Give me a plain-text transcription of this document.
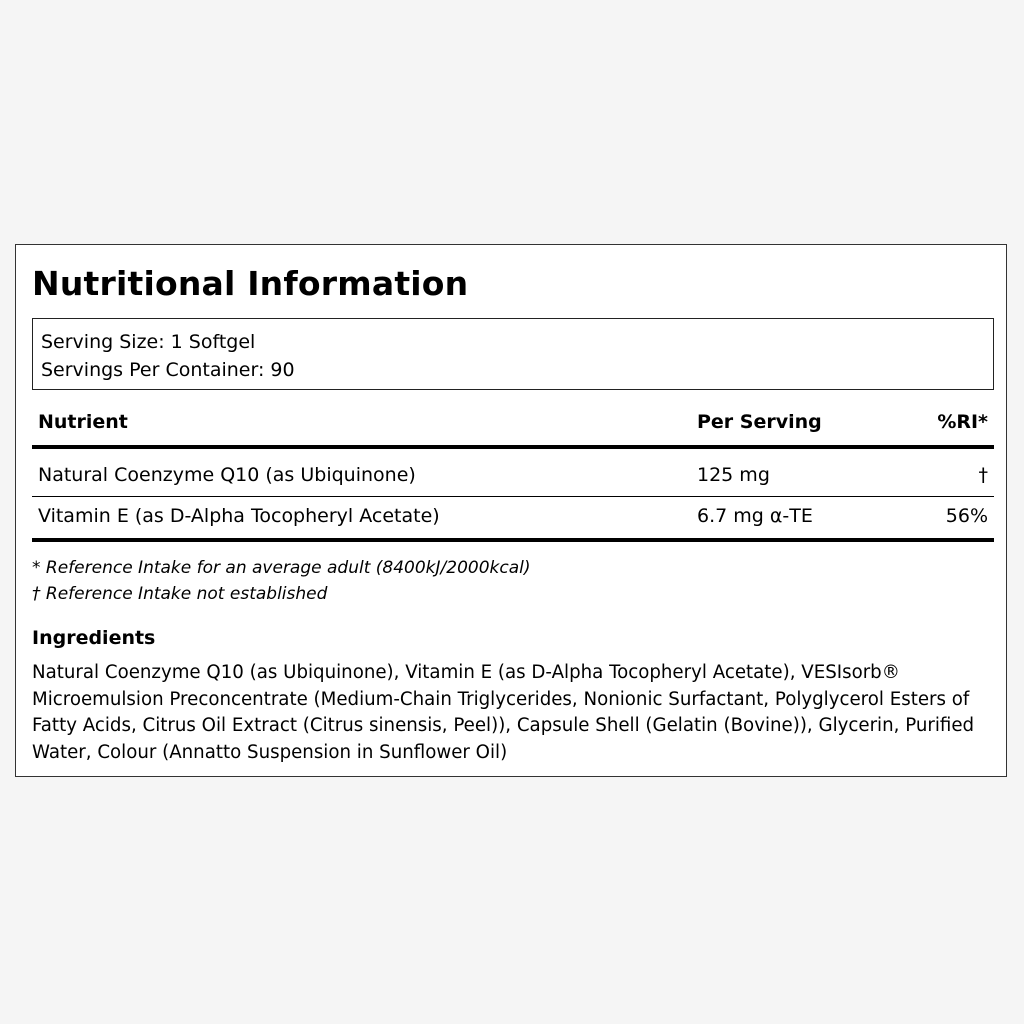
Nutritional Information
Serving Size: 1 Softgel
Servings Per Container: 90
Nutrient	Per Serving	%RI*
Natural Coenzyme Q10 (as Ubiquinone)	125 mg	†
Vitamin E (as D-Alpha Tocopheryl Acetate)	6.7 mg α-TE	56%
* Reference Intake for an average adult (8400kJ/2000kcal)
† Reference Intake not established
Ingredients
Natural Coenzyme Q10 (as Ubiquinone), Vitamin E (as D-Alpha Tocopheryl Acetate), VESIsorb® Microemulsion Preconcentrate (Medium-Chain Triglycerides, Nonionic Surfactant, Polyglycerol Esters of Fatty Acids, Citrus Oil Extract (Citrus sinensis, Peel)), Capsule Shell (Gelatin (Bovine)), Glycerin, Purified Water, Colour (Annatto Suspension in Sunflower Oil)
